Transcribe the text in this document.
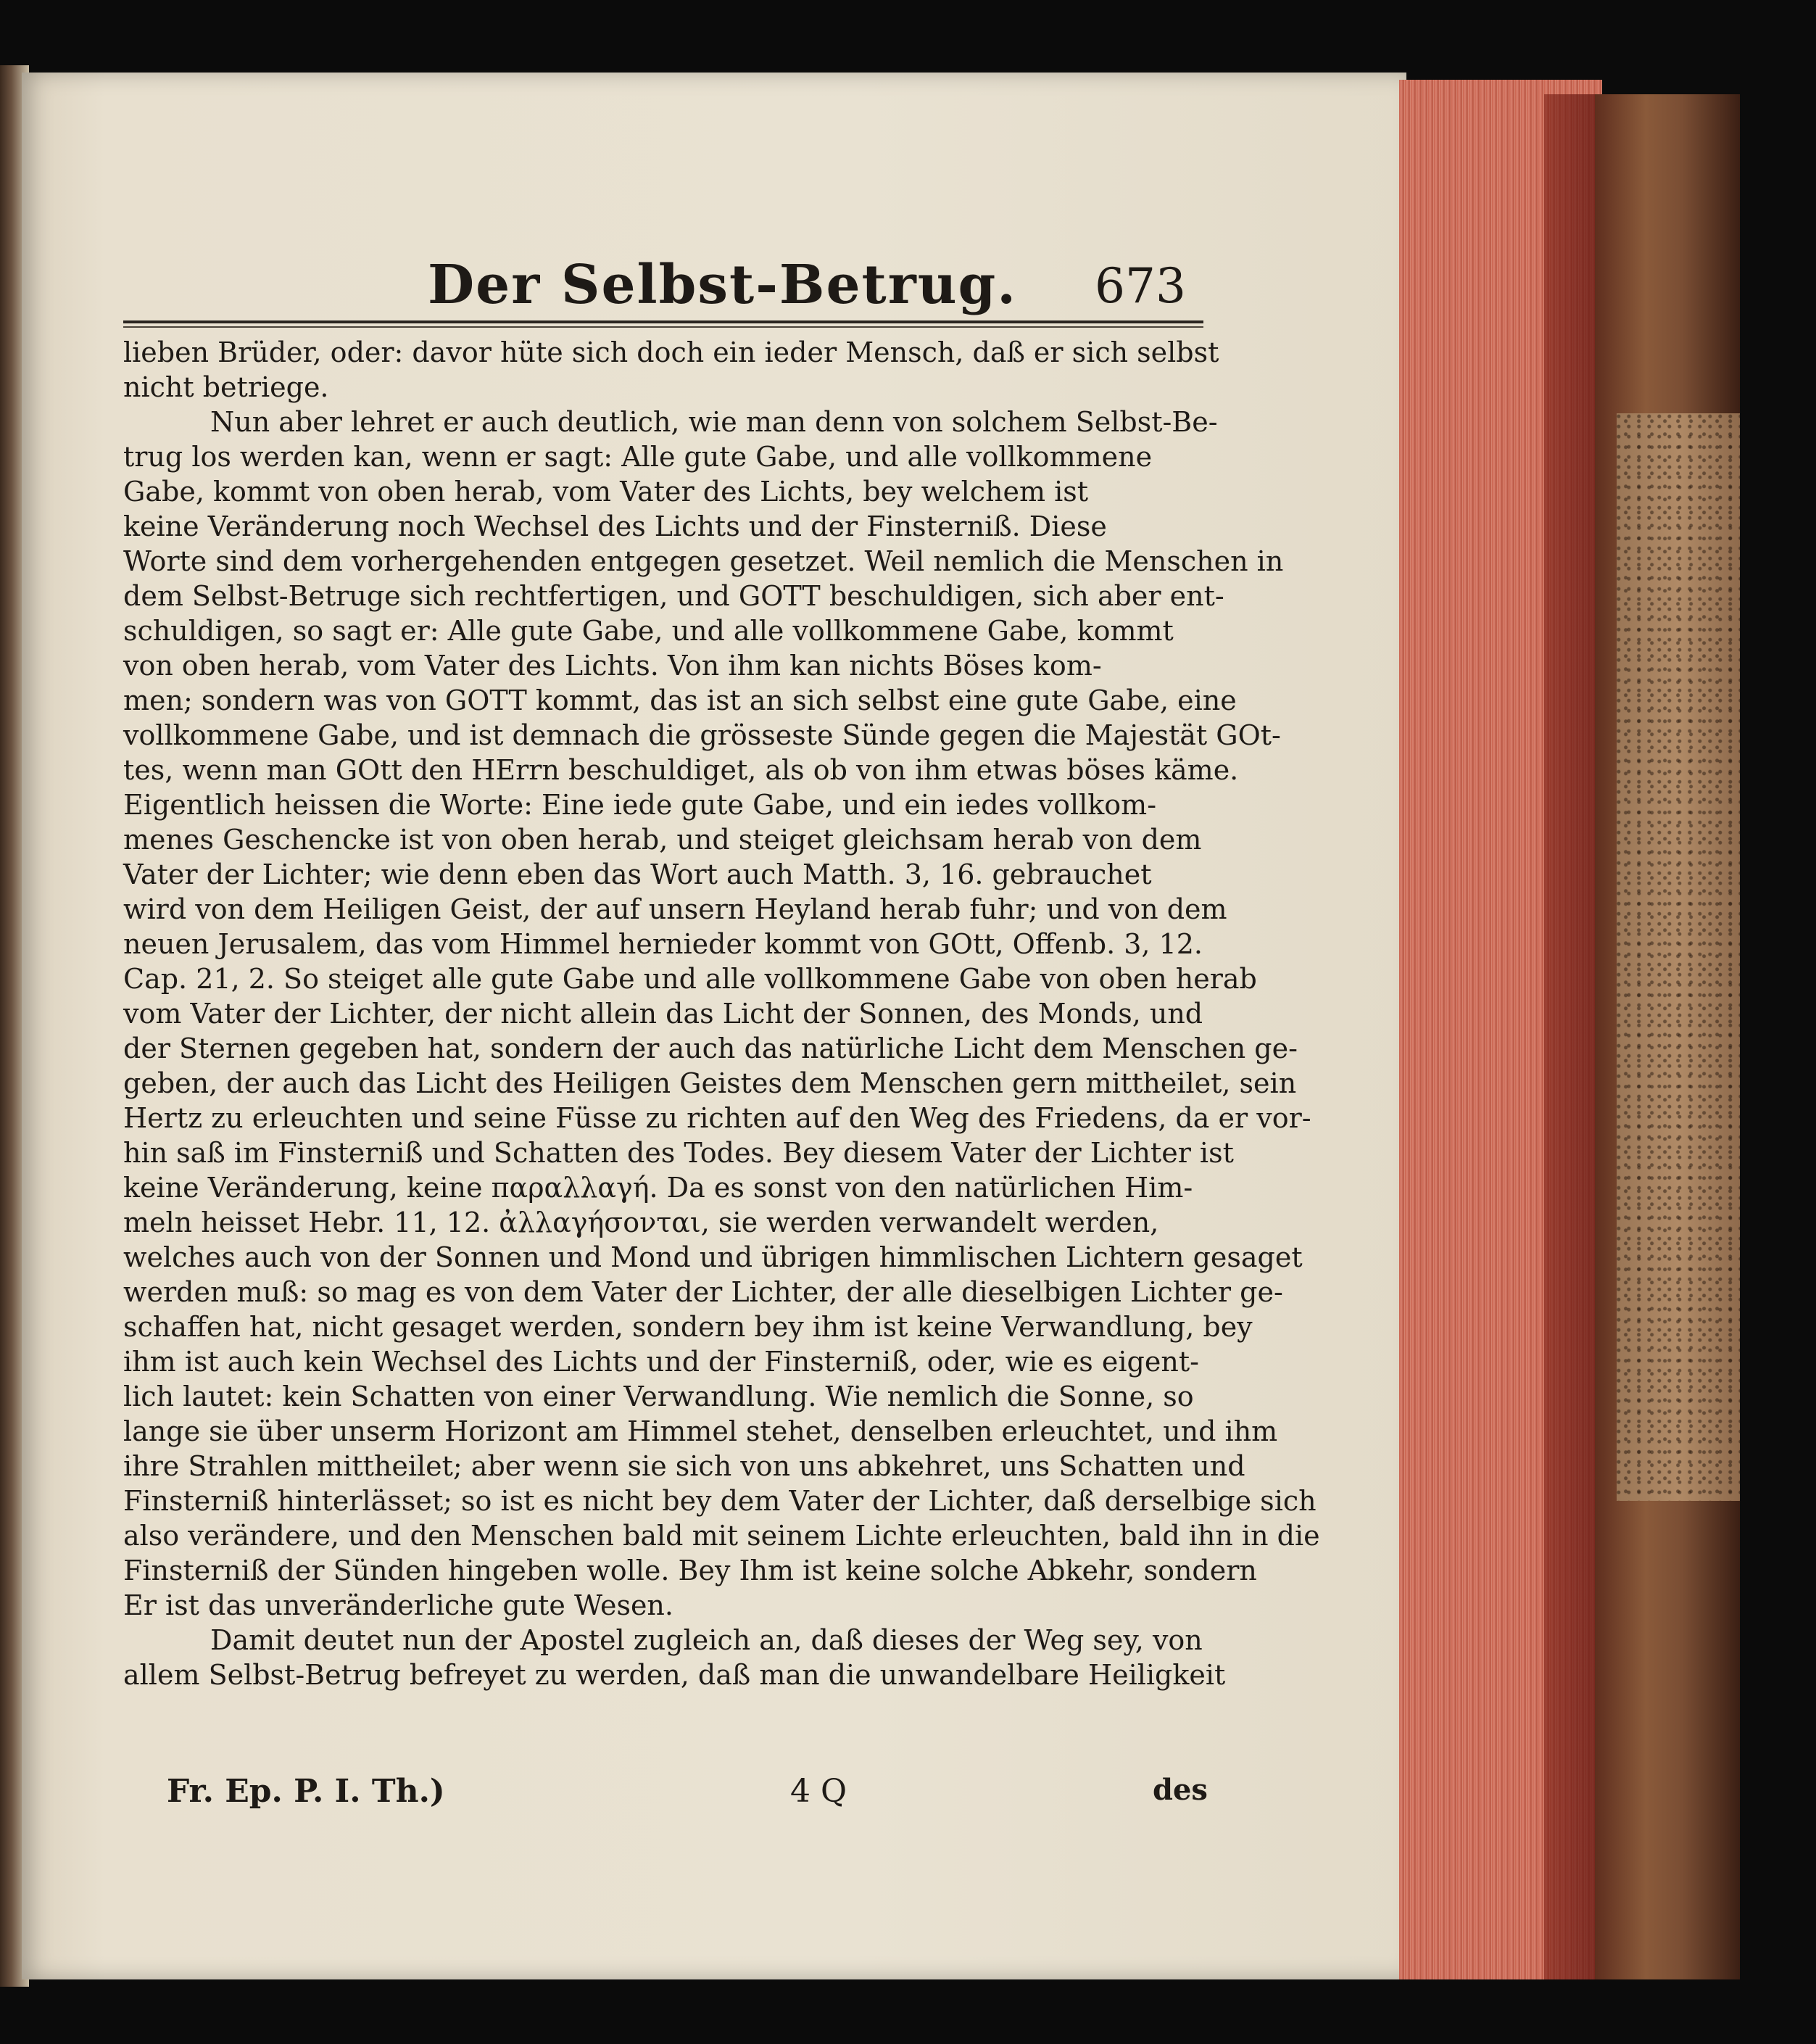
Der Selbst-Betrug. 673
lieben Brüder, oder: davor hüte sich doch ein ieder Mensch, daß er sich selbst
nicht betriege.
Nun aber lehret er auch deutlich, wie man denn von solchem Selbst-Be-
trug los werden kan, wenn er sagt: Alle gute Gabe, und alle vollkommene
Gabe, kommt von oben herab, vom Vater des Lichts, bey welchem ist
keine Veränderung noch Wechsel des Lichts und der Finsterniß. Diese
Worte sind dem vorhergehenden entgegen gesetzet. Weil nemlich die Menschen in
dem Selbst-Betruge sich rechtfertigen, und GOTT beschuldigen, sich aber ent-
schuldigen, so sagt er: Alle gute Gabe, und alle vollkommene Gabe, kommt
von oben herab, vom Vater des Lichts. Von ihm kan nichts Böses kom-
men; sondern was von GOTT kommt, das ist an sich selbst eine gute Gabe, eine
vollkommene Gabe, und ist demnach die grösseste Sünde gegen die Majestät GOt-
tes, wenn man GOtt den HErrn beschuldiget, als ob von ihm etwas böses käme.
Eigentlich heissen die Worte: Eine iede gute Gabe, und ein iedes vollkom-
menes Geschencke ist von oben herab, und steiget gleichsam herab von dem
Vater der Lichter; wie denn eben das Wort auch Matth. 3, 16. gebrauchet
wird von dem Heiligen Geist, der auf unsern Heyland herab fuhr; und von dem
neuen Jerusalem, das vom Himmel hernieder kommt von GOtt, Offenb. 3, 12.
Cap. 21, 2. So steiget alle gute Gabe und alle vollkommene Gabe von oben herab
vom Vater der Lichter, der nicht allein das Licht der Sonnen, des Monds, und
der Sternen gegeben hat, sondern der auch das natürliche Licht dem Menschen ge-
geben, der auch das Licht des Heiligen Geistes dem Menschen gern mittheilet, sein
Hertz zu erleuchten und seine Füsse zu richten auf den Weg des Friedens, da er vor-
hin saß im Finsterniß und Schatten des Todes. Bey diesem Vater der Lichter ist
keine Veränderung, keine παραλλαγή. Da es sonst von den natürlichen Him-
meln heisset Hebr. 11, 12. ἀλλαγήσονται, sie werden verwandelt werden,
welches auch von der Sonnen und Mond und übrigen himmlischen Lichtern gesaget
werden muß: so mag es von dem Vater der Lichter, der alle dieselbigen Lichter ge-
schaffen hat, nicht gesaget werden, sondern bey ihm ist keine Verwandlung, bey
ihm ist auch kein Wechsel des Lichts und der Finsterniß, oder, wie es eigent-
lich lautet: kein Schatten von einer Verwandlung. Wie nemlich die Sonne, so
lange sie über unserm Horizont am Himmel stehet, denselben erleuchtet, und ihm
ihre Strahlen mittheilet; aber wenn sie sich von uns abkehret, uns Schatten und
Finsterniß hinterlässet; so ist es nicht bey dem Vater der Lichter, daß derselbige sich
also verändere, und den Menschen bald mit seinem Lichte erleuchten, bald ihn in die
Finsterniß der Sünden hingeben wolle. Bey Ihm ist keine solche Abkehr, sondern
Er ist das unveränderliche gute Wesen.
Damit deutet nun der Apostel zugleich an, daß dieses der Weg sey, von
allem Selbst-Betrug befreyet zu werden, daß man die unwandelbare Heiligkeit
Fr. Ep. P. I. Th.)	4 Q	des
